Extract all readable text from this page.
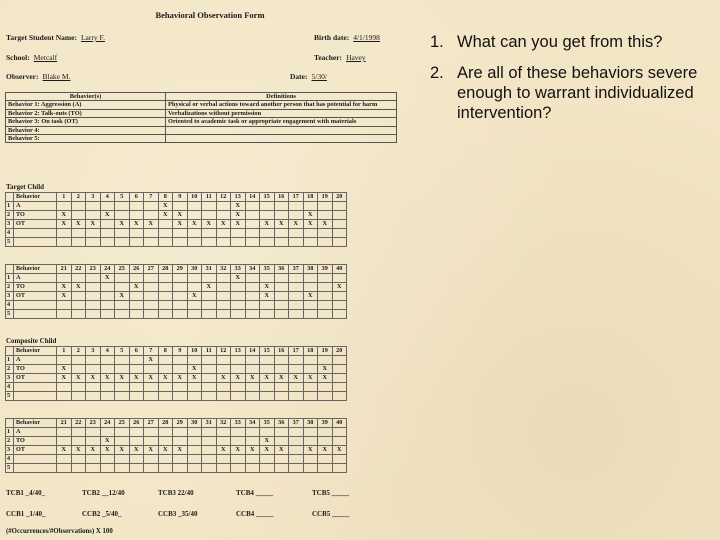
Behavioral Observation Form
Target Student Name: Larry F.	Birth date: 4/1/1998
School: Metcalf	Teacher: Havey
Observer: Blake M.	Date: 5/30/
Behavior(s)	Definitions
Behavior 1: Aggression (A)	Physical or verbal actions toward another person that has potential for harm
Behavior 2: Talk-outs (TO)	Verbalizations without permission
Behavior 3: On task (OT)	Oriented to academic task or appropriate engagement with materials
Behavior 4:	
Behavior 5:	
Target Child
	Behavior	1	2	3	4	5	6	7	8	9	10	11	12	13	14	15	16	17	18	19	20
1	A								X					X							
2	TO	X			X				X	X				X					X		
3	OT	X	X	X		X	X	X		X	X	X	X	X		X	X	X	X	X	
4																					
5																					
	Behavior	21	22	23	24	25	26	27	28	29	30	31	32	33	34	35	36	37	38	39	40
1	A				X									X							
2	TO	X	X				X					X				X					X
3	OT	X				X					X					X			X		
4																					
5																					
Composite Child
	Behavior	1	2	3	4	5	6	7	8	9	10	11	12	13	14	15	16	17	18	19	20
1	A							X													
2	TO	X									X									X	
3	OT	X	X	X	X	X	X	X	X	X	X		X	X	X	X	X	X	X	X	
4																					
5																					
	Behavior	21	22	23	24	25	26	27	28	29	30	31	32	33	34	35	36	37	38	39	40
1	A																				
2	TO				X											X					
3	OT	X	X	X	X	X	X	X	X	X			X	X	X	X	X		X	X	X
4																					
5																					
TCB1 _4/40_	TCB2 __12/40	TCB3 22/40	TCB4 _____	TCB5 _____
CCB1 _1/40_	CCB2 _5/40_	CCB3 _35/40	CCB4 _____	CCB5 _____
(#Occurrences/#Observations) X 100
1. What can you get from this?
2. Are all of these behaviors severe enough to warrant individualized intervention?
